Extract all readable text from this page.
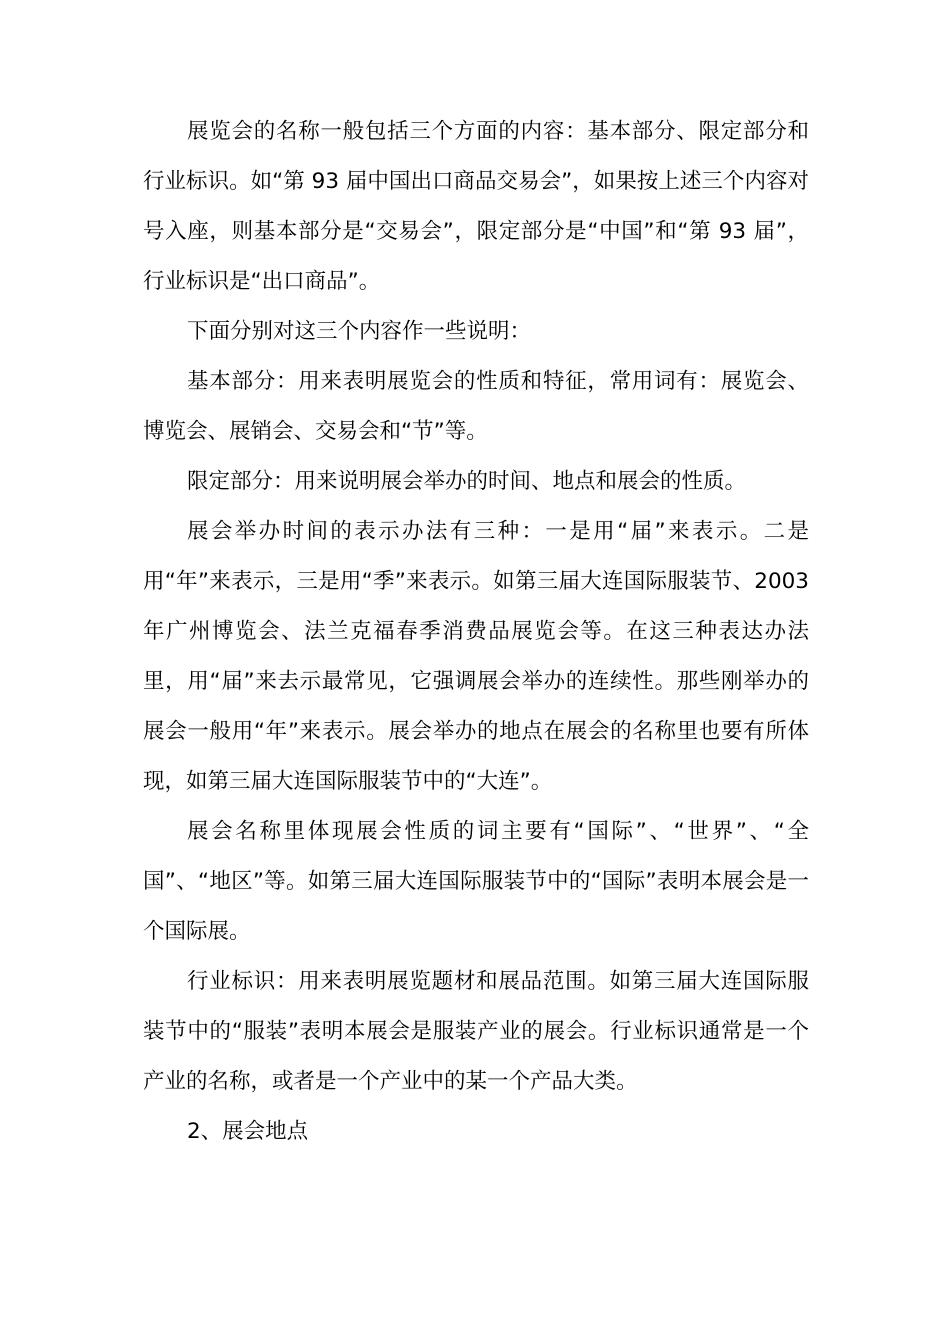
展览会的名称一般包括三个方面的内容：基本部分、限定部分和行业标识。如“第 93 届中国出口商品交易会”，如果按上述三个内容对号入座，则基本部分是“交易会”，限定部分是“中国”和“第 93 届”，行业标识是“出口商品”。

下面分别对这三个内容作一些说明：

基本部分：用来表明展览会的性质和特征，常用词有：展览会、博览会、展销会、交易会和“节”等。

限定部分：用来说明展会举办的时间、地点和展会的性质。

展会举办时间的表示办法有三种：一是用“届”来表示。二是用“年”来表示，三是用“季”来表示。如第三届大连国际服装节、2003 年广州博览会、法兰克福春季消费品展览会等。在这三种表达办法里，用“届”来去示最常见，它强调展会举办的连续性。那些刚举办的展会一般用“年”来表示。展会举办的地点在展会的名称里也要有所体现，如第三届大连国际服装节中的“大连”。

展会名称里体现展会性质的词主要有“国际”、“世界”、“全国”、“地区”等。如第三届大连国际服装节中的“国际”表明本展会是一个国际展。

行业标识：用来表明展览题材和展品范围。如第三届大连国际服装节中的“服装”表明本展会是服装产业的展会。行业标识通常是一个产业的名称，或者是一个产业中的某一个产品大类。

2、展会地点
